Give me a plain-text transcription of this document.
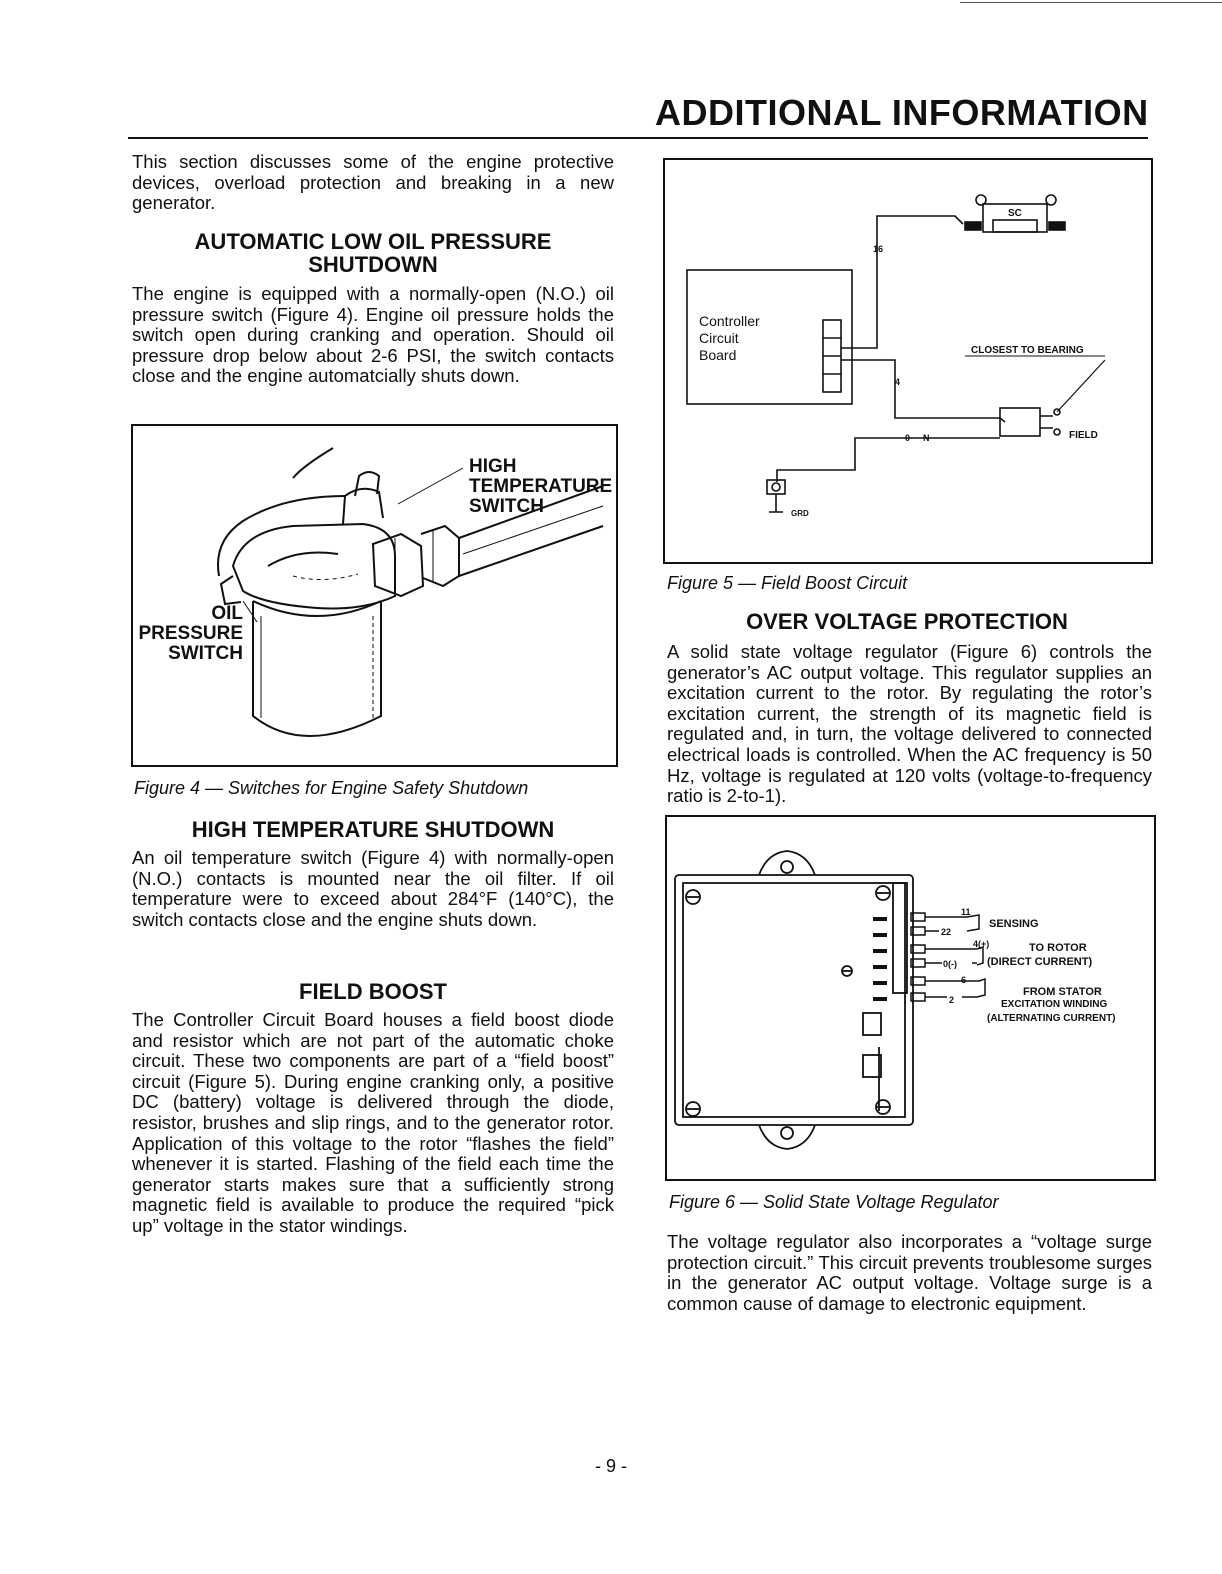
ADDITIONAL INFORMATION
This section discusses some of the engine protective devices, overload protection and breaking in a new generator.
AUTOMATIC LOW OIL PRESSURE
SHUTDOWN
The engine is equipped with a normally-open (N.O.) oil pressure switch (Figure 4). Engine oil pressure holds the switch open during cranking and operation. Should oil pressure drop below about 2-6 PSI, the switch contacts close and the engine automatcially shuts down.
HIGH
TEMPERATURE
SWITCH
OIL
PRESSURE
SWITCH
Figure 4 — Switches for Engine Safety Shutdown
HIGH TEMPERATURE SHUTDOWN
An oil temperature switch (Figure 4) with normally-open (N.O.) contacts is mounted near the oil filter. If oil temperature were to exceed about 284°F (140°C), the switch contacts close and the engine shuts down.
FIELD BOOST
The Controller Circuit Board houses a field boost diode and resistor which are not part of the automatic choke circuit. These two components are part of a “field boost” circuit (Figure 5). During engine cranking only, a positive DC (battery) voltage is delivered through the diode, resistor, brushes and slip rings, and to the generator rotor. Application of this voltage to the rotor “flashes the field” whenever it is started. Flashing of the field each time the generator starts makes sure that a sufficiently strong magnetic field is available to produce the required “pick up” voltage in the stator windings.
Controller
Circuit
Board
SC
16
4
0 N
CLOSEST TO BEARING
FIELD
GRD
Figure 5 — Field Boost Circuit
OVER VOLTAGE PROTECTION
A solid state voltage regulator (Figure 6) controls the generator’s AC output voltage. This regulator supplies an excitation current to the rotor. By regulating the rotor’s excitation current, the strength of its magnetic field is regulated and, in turn, the voltage delivered to connected electrical loads is controlled. When the AC frequency is 50 Hz, voltage is regulated at 120 volts (voltage-to-frequency ratio is 2-to-1).
11
22
SENSING
4(+)
0(-)
TO ROTOR
(DIRECT CURRENT)
6
2
FROM STATOR
EXCITATION WINDING
(ALTERNATING CURRENT)
Figure 6 — Solid State Voltage Regulator
The voltage regulator also incorporates a “voltage surge protection circuit.” This circuit prevents troublesome surges in the generator AC output voltage. Voltage surge is a common cause of damage to electronic equipment.
- 9 -
